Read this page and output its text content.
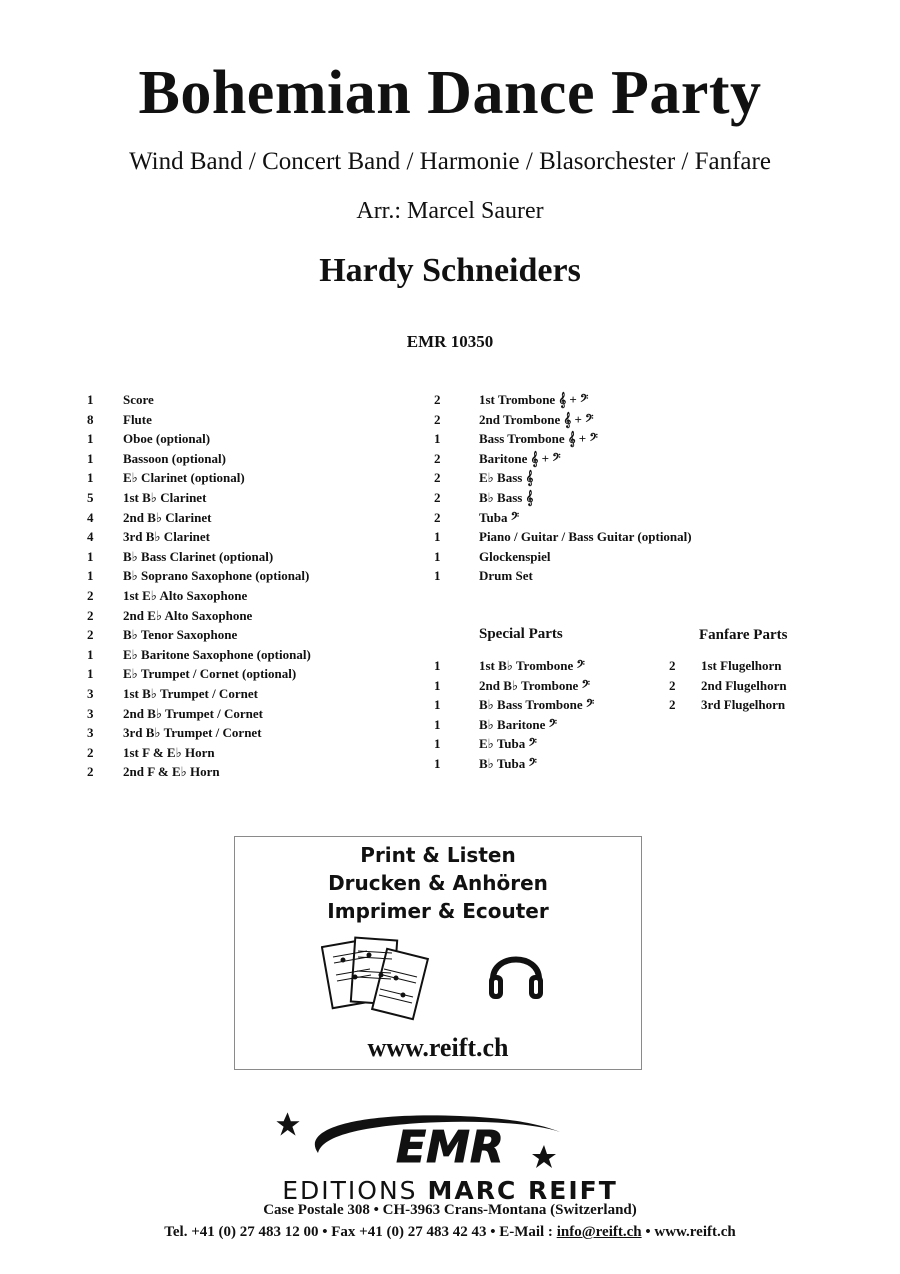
Bohemian Dance Party
Wind Band / Concert Band / Harmonie / Blasorchester / Fanfare
Arr.: Marcel Saurer
Hardy Schneiders
EMR 10350
1	Score
8	Flute
1	Oboe (optional)
1	Bassoon (optional)
1	E♭ Clarinet (optional)
5	1st B♭ Clarinet
4	2nd B♭ Clarinet
4	3rd B♭ Clarinet
1	B♭ Bass Clarinet (optional)
1	B♭ Soprano Saxophone (optional)
2	1st E♭ Alto Saxophone
2	2nd E♭ Alto Saxophone
2	B♭ Tenor Saxophone
1	E♭ Baritone Saxophone (optional)
1	E♭ Trumpet / Cornet (optional)
3	1st B♭ Trumpet / Cornet
3	2nd B♭ Trumpet / Cornet
3	3rd B♭ Trumpet / Cornet
2	1st F & E♭ Horn
2	2nd F & E♭ Horn
2	1st Trombone 𝄞 + 𝄢
2	2nd Trombone 𝄞 + 𝄢
1	Bass Trombone 𝄞 + 𝄢
2	Baritone 𝄞 + 𝄢
2	E♭ Bass 𝄞
2	B♭ Bass 𝄞
2	Tuba 𝄢
1	Piano / Guitar / Bass Guitar (optional)
1	Glockenspiel
1	Drum Set
Special Parts
1	1st B♭ Trombone 𝄢
1	2nd B♭ Trombone 𝄢
1	B♭ Bass Trombone 𝄢
1	B♭ Baritone 𝄢
1	E♭ Tuba 𝄢
1	B♭ Tuba 𝄢
Fanfare Parts
2	1st Flugelhorn
2	2nd Flugelhorn
2	3rd Flugelhorn
Print & Listen
Drucken & Anhören
Imprimer & Ecouter
www.reift.ch
EMR
EDITIONS MARC REIFT
Case Postale 308 • CH-3963 Crans-Montana (Switzerland)
Tel. +41 (0) 27 483 12 00 • Fax +41 (0) 27 483 42 43 • E-Mail : info@reift.ch • www.reift.ch
